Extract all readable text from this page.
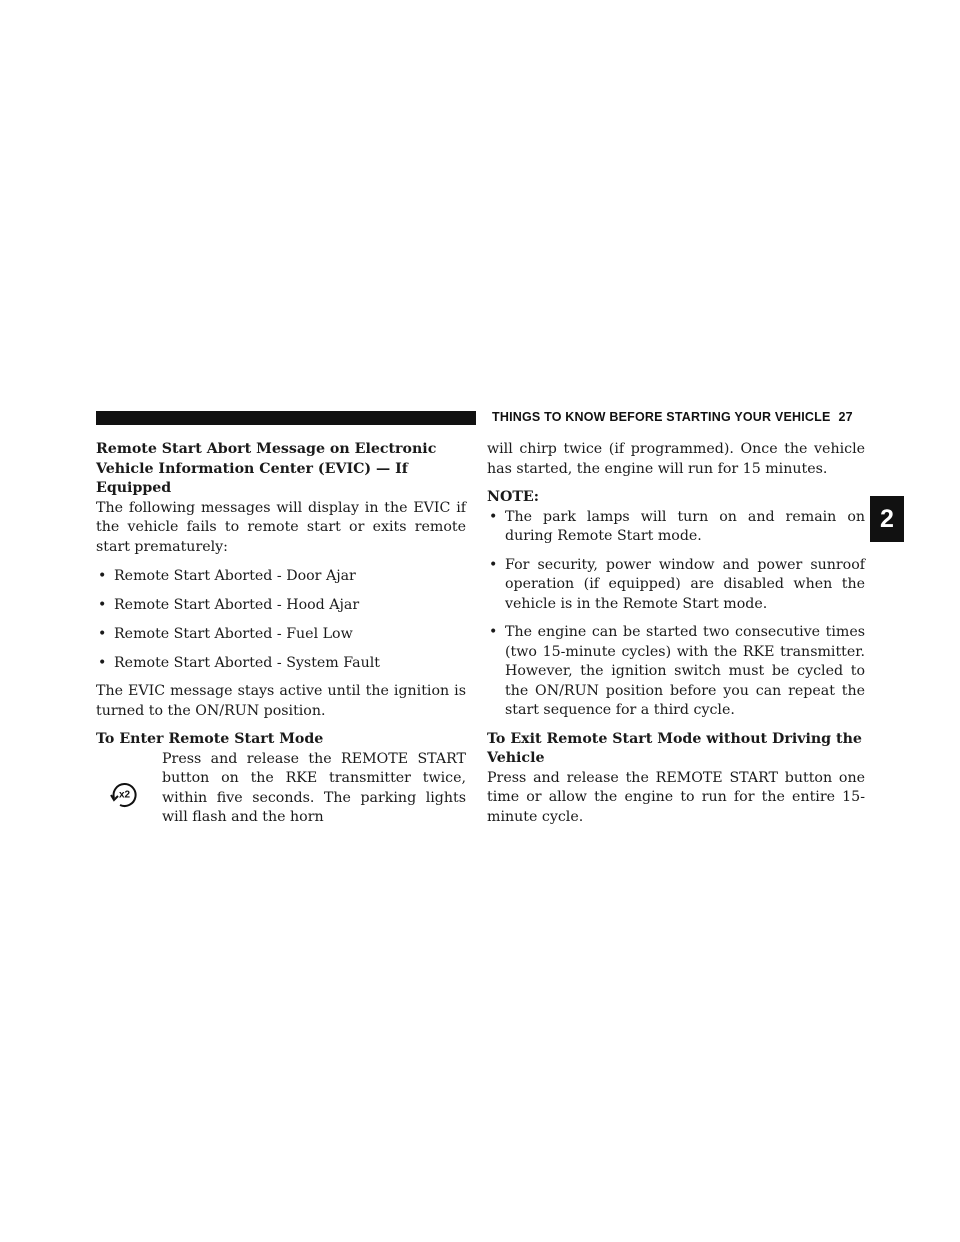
THINGS TO KNOW BEFORE STARTING YOUR VEHICLE 27
2

Remote Start Abort Message on Electronic Vehicle Information Center (EVIC) — If Equipped

The following messages will display in the EVIC if the vehicle fails to remote start or exits remote start prematurely:

• Remote Start Aborted - Door Ajar
• Remote Start Aborted - Hood Ajar
• Remote Start Aborted - Fuel Low
• Remote Start Aborted - System Fault

The EVIC message stays active until the ignition is turned to the ON/RUN position.

To Enter Remote Start Mode

x2

Press and release the REMOTE START button on the RKE transmitter twice, within five seconds. The parking lights will flash and the horn

will chirp twice (if programmed). Once the vehicle has started, the engine will run for 15 minutes.

NOTE:

• The park lamps will turn on and remain on during Remote Start mode.
• For security, power window and power sunroof operation (if equipped) are disabled when the vehicle is in the Remote Start mode.
• The engine can be started two consecutive times (two 15-minute cycles) with the RKE transmitter. However, the ignition switch must be cycled to the ON/RUN position before you can repeat the start sequence for a third cycle.

To Exit Remote Start Mode without Driving the Vehicle

Press and release the REMOTE START button one time or allow the engine to run for the entire 15-minute cycle.
